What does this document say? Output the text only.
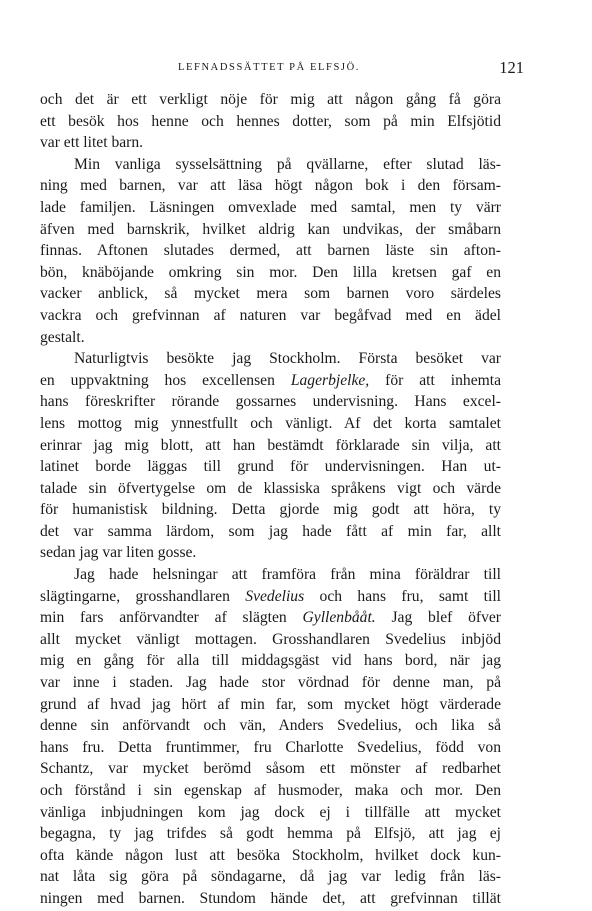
LEFNADSSÄTTET PÅ ELFSJÖ.	121
och det är ett verkligt nöje för mig att någon gång få göra
ett besök hos henne och hennes dotter, som på min Elfsjötid
var ett litet barn.
Min vanliga sysselsättning på qvällarne, efter slutad läs-
ning med barnen, var att läsa högt någon bok i den försam-
lade familjen. Läsningen omvexlade med samtal, men ty värr
äfven med barnskrik, hvilket aldrig kan undvikas, der småbarn
finnas. Aftonen slutades dermed, att barnen läste sin afton-
bön, knäböjande omkring sin mor. Den lilla kretsen gaf en
vacker anblick, så mycket mera som barnen voro särdeles
vackra och grefvinnan af naturen var begåfvad med en ädel
gestalt.
Naturligtvis besökte jag Stockholm. Första besöket var
en uppvaktning hos excellensen Lagerbjelke, för att inhemta
hans föreskrifter rörande gossarnes undervisning. Hans excel-
lens mottog mig ynnestfullt och vänligt. Af det korta samtalet
erinrar jag mig blott, att han bestämdt förklarade sin vilja, att
latinet borde läggas till grund för undervisningen. Han ut-
talade sin öfvertygelse om de klassiska språkens vigt och värde
för humanistisk bildning. Detta gjorde mig godt att höra, ty
det var samma lärdom, som jag hade fått af min far, allt
sedan jag var liten gosse.
Jag hade helsningar att framföra från mina föräldrar till
slägtingarne, grosshandlaren Svedelius och hans fru, samt till
min fars anförvandter af slägten Gyllenbååt. Jag blef öfver
allt mycket vänligt mottagen. Grosshandlaren Svedelius inbjöd
mig en gång för alla till middagsgäst vid hans bord, när jag
var inne i staden. Jag hade stor vördnad för denne man, på
grund af hvad jag hört af min far, som mycket högt värderade
denne sin anförvandt och vän, Anders Svedelius, och lika så
hans fru. Detta fruntimmer, fru Charlotte Svedelius, född von
Schantz, var mycket berömd såsom ett mönster af redbarhet
och förstånd i sin egenskap af husmoder, maka och mor. Den
vänliga inbjudningen kom jag dock ej i tillfälle att mycket
begagna, ty jag trifdes så godt hemma på Elfsjö, att jag ej
ofta kände någon lust att besöka Stockholm, hvilket dock kun-
nat låta sig göra på söndagarne, då jag var ledig från läs-
ningen med barnen. Stundom hände det, att grefvinnan tillät
